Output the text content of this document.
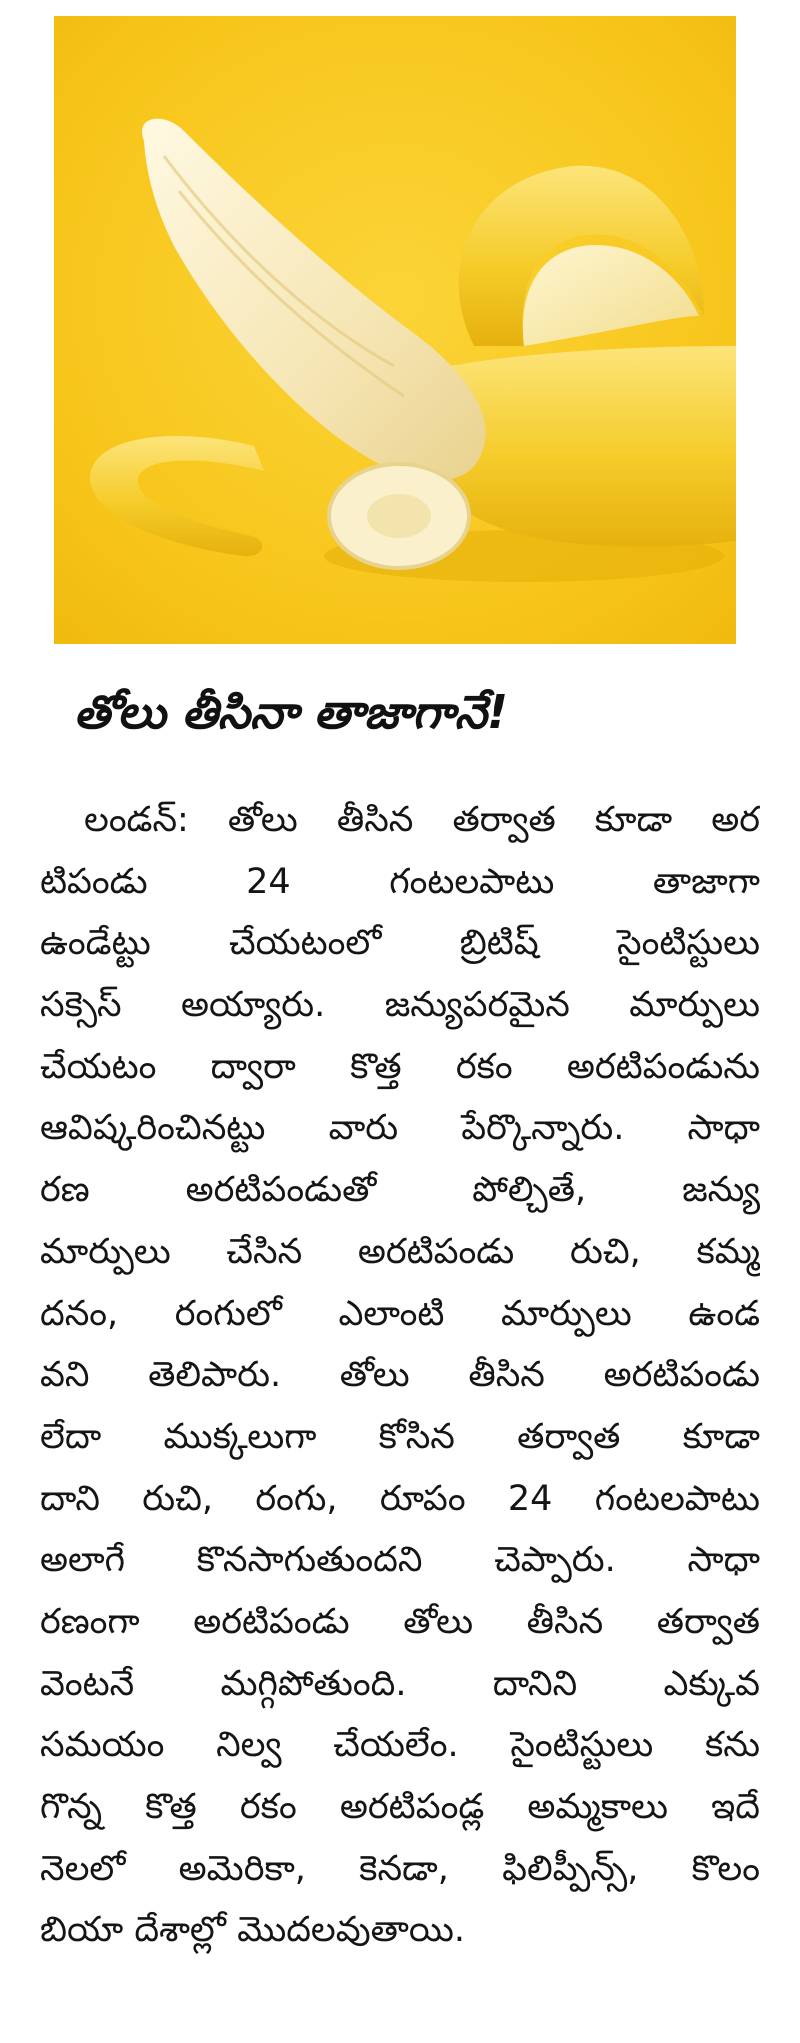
తోలు తీసినా తాజాగానే!
లండన్: తోలు తీసిన తర్వాత కూడా అర
టిపండు 24 గంటలపాటు తాజాగా
ఉండేట్టు చేయటంలో బ్రిటిష్ సైంటిస్టులు
సక్సెస్ అయ్యారు. జన్యుపరమైన మార్పులు
చేయటం ద్వారా కొత్త రకం అరటిపండును
ఆవిష్కరించినట్టు వారు పేర్కొన్నారు. సాధా
రణ అరటిపండుతో పోల్చితే, జన్యు
మార్పులు చేసిన అరటిపండు రుచి, కమ్మ
దనం, రంగులో ఎలాంటి మార్పులు ఉండ
వని తెలిపారు. తోలు తీసిన అరటిపండు
లేదా ముక్కలుగా కోసిన తర్వాత కూడా
దాని రుచి, రంగు, రూపం 24 గంటలపాటు
అలాగే కొనసాగుతుందని చెప్పారు. సాధా
రణంగా అరటిపండు తోలు తీసిన తర్వాత
వెంటనే మగ్గిపోతుంది. దానిని ఎక్కువ
సమయం నిల్వ చేయలేం. సైంటిస్టులు కను
గొన్న కొత్త రకం అరటిపండ్ల అమ్మకాలు ఇదే
నెలలో అమెరికా, కెనడా, ఫిలిప్పీన్స్, కొలం
బియా దేశాల్లో మొదలవుతాయి.
